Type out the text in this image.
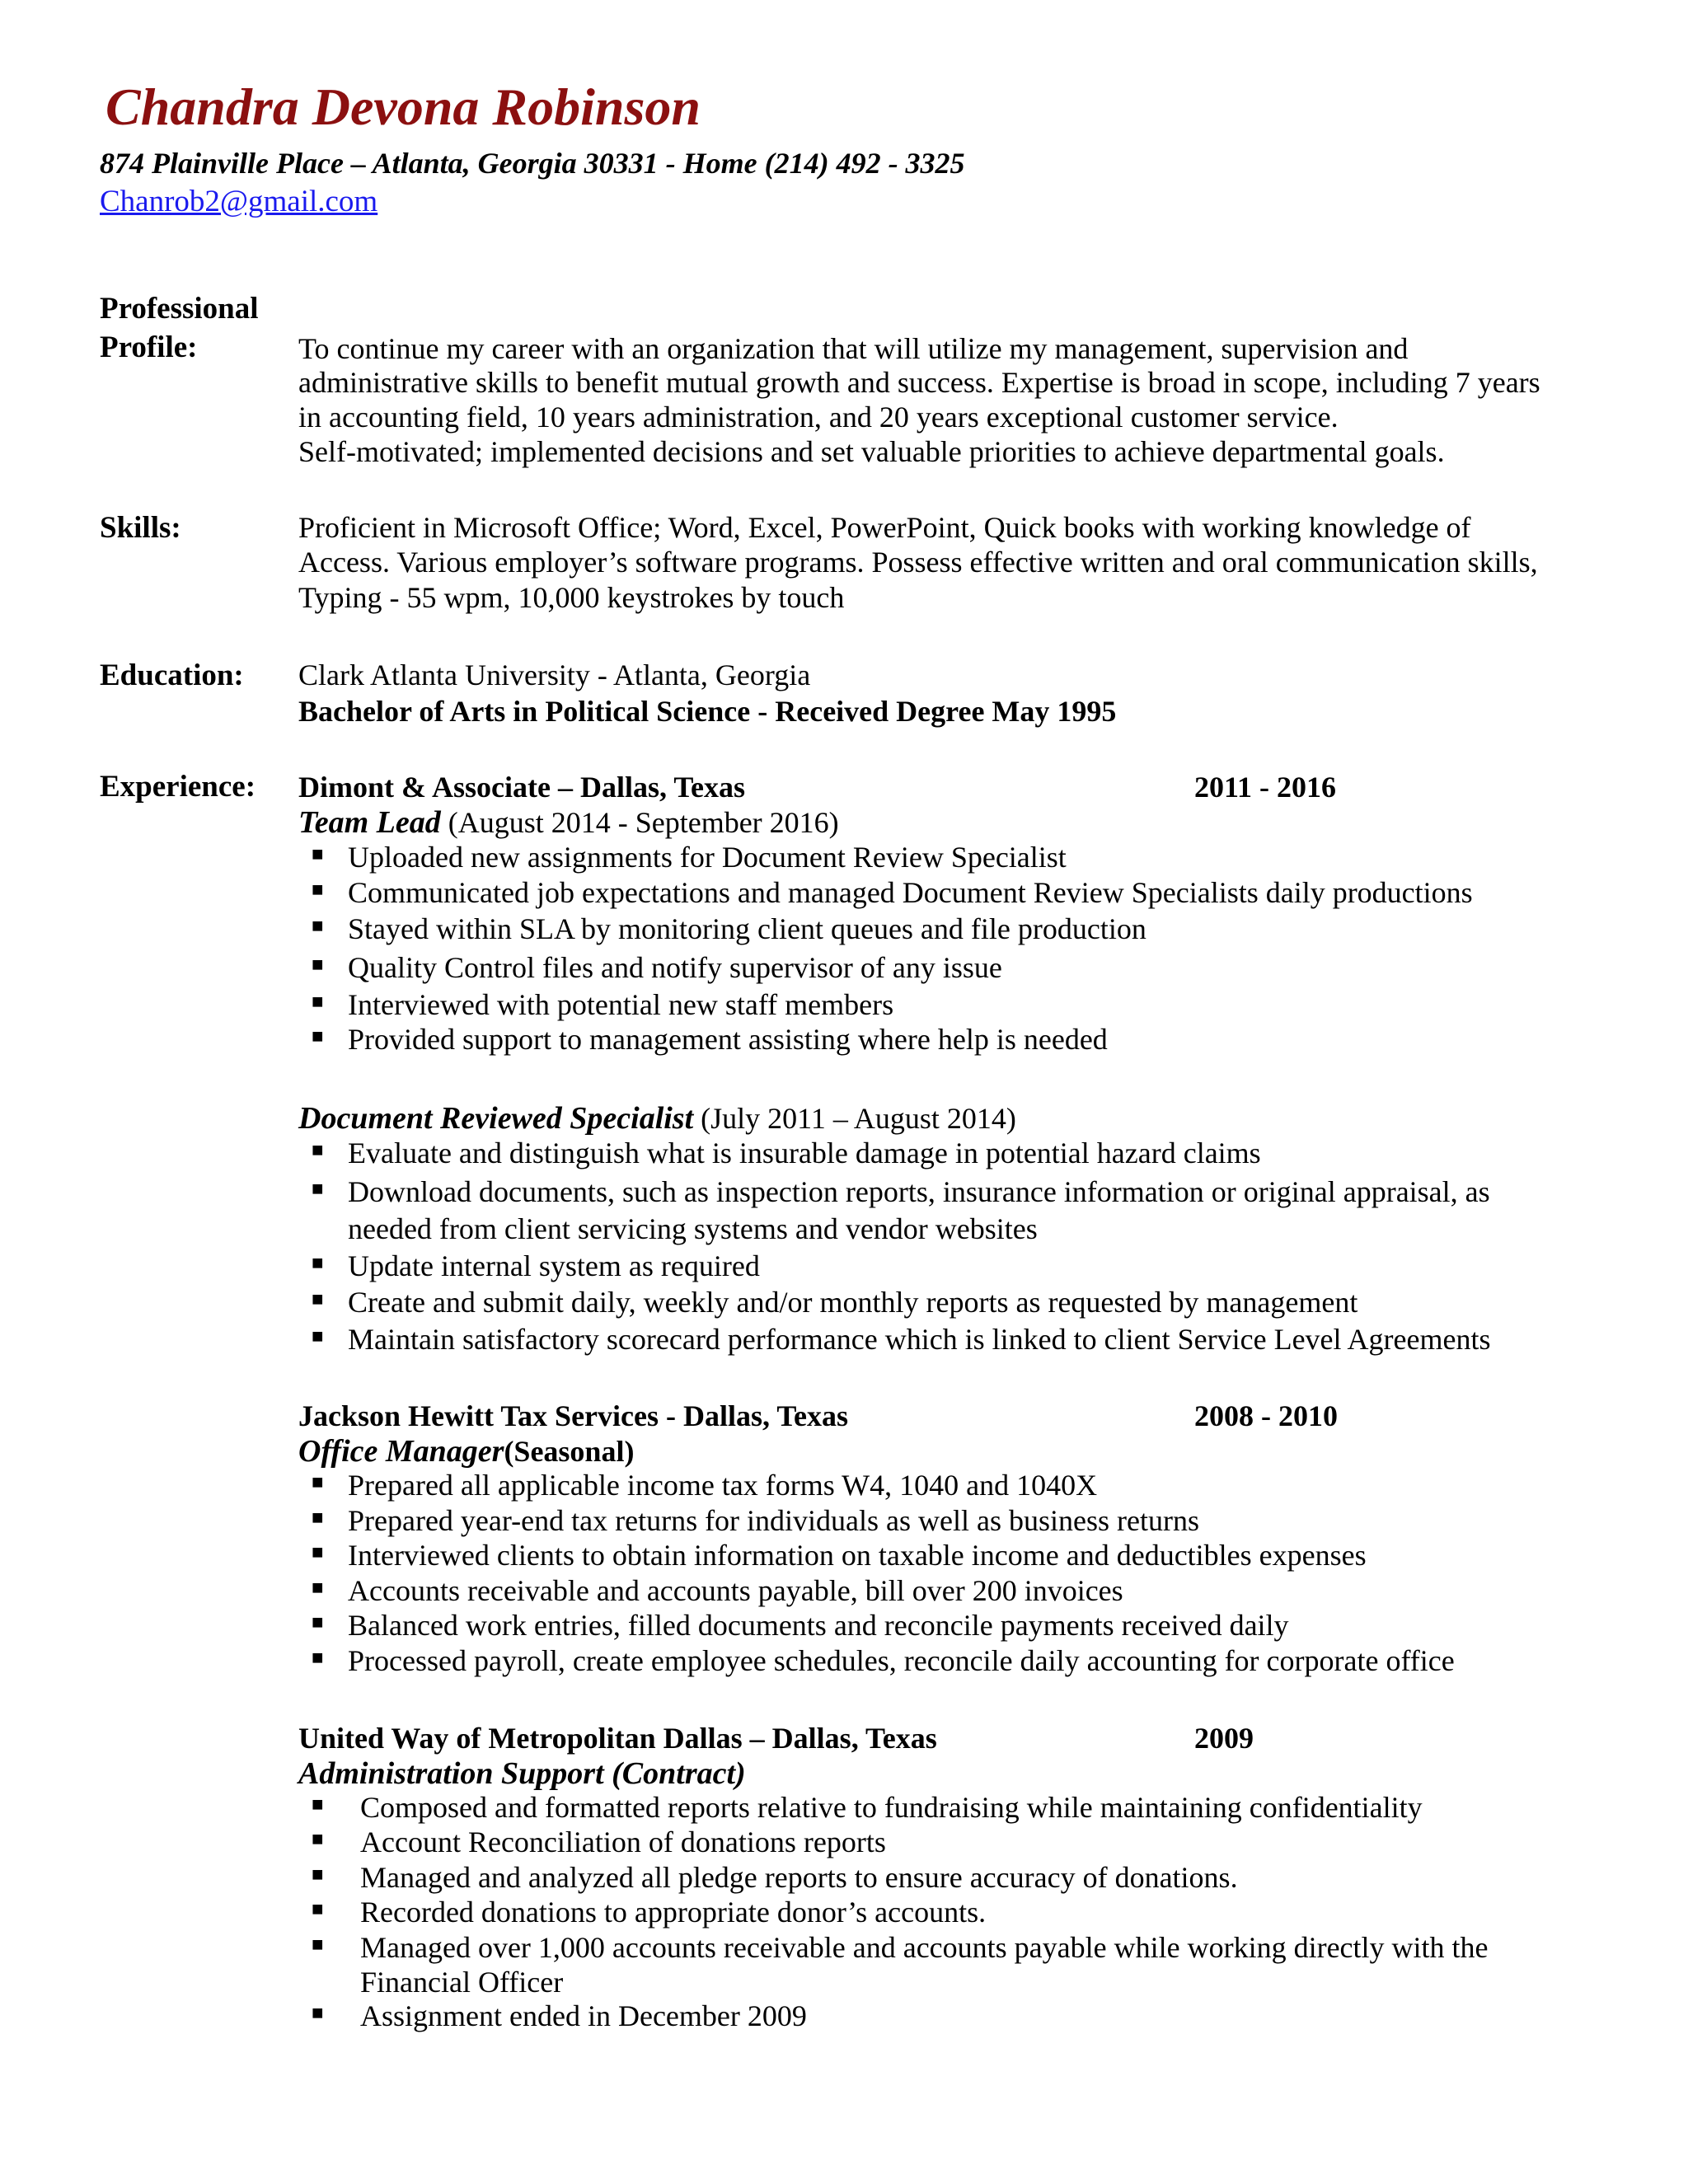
Chandra Devona Robinson
874 Plainville Place – Atlanta, Georgia 30331 - Home (214) 492 - 3325
Chanrob2@gmail.com
Professional
Profile:	To continue my career with an organization that will utilize my management, supervision and
administrative skills to benefit mutual growth and success. Expertise is broad in scope, including 7 years
in accounting field, 10 years administration, and 20 years exceptional customer service.
Self-motivated; implemented decisions and set valuable priorities to achieve departmental goals.
Skills:	Proficient in Microsoft Office; Word, Excel, PowerPoint, Quick books with working knowledge of
Access. Various employer’s software programs. Possess effective written and oral communication skills,
Typing - 55 wpm, 10,000 keystrokes by touch
Education: Clark Atlanta University - Atlanta, Georgia
Bachelor of Arts in Political Science - Received Degree May 1995
Experience: Dimont & Associate – Dallas, Texas	2011 - 2016
Team Lead (August 2014 - September 2016)
■ Uploaded new assignments for Document Review Specialist
■ Communicated job expectations and managed Document Review Specialists daily productions
■ Stayed within SLA by monitoring client queues and file production
■ Quality Control files and notify supervisor of any issue
■ Interviewed with potential new staff members
■ Provided support to management assisting where help is needed
Document Reviewed Specialist (July 2011 – August 2014)
■ Evaluate and distinguish what is insurable damage in potential hazard claims
■ Download documents, such as inspection reports, insurance information or original appraisal, as
needed from client servicing systems and vendor websites
■ Update internal system as required
■ Create and submit daily, weekly and/or monthly reports as requested by management
■ Maintain satisfactory scorecard performance which is linked to client Service Level Agreements
Jackson Hewitt Tax Services - Dallas, Texas	2008 - 2010
Office Manager(Seasonal)
■ Prepared all applicable income tax forms W4, 1040 and 1040X
■ Prepared year-end tax returns for individuals as well as business returns
■ Interviewed clients to obtain information on taxable income and deductibles expenses
■ Accounts receivable and accounts payable, bill over 200 invoices
■ Balanced work entries, filled documents and reconcile payments received daily
■ Processed payroll, create employee schedules, reconcile daily accounting for corporate office
United Way of Metropolitan Dallas – Dallas, Texas	2009
Administration Support (Contract)
■ Composed and formatted reports relative to fundraising while maintaining confidentiality
■ Account Reconciliation of donations reports
■ Managed and analyzed all pledge reports to ensure accuracy of donations.
■ Recorded donations to appropriate donor’s accounts.
■ Managed over 1,000 accounts receivable and accounts payable while working directly with the
Financial Officer
■ Assignment ended in December 2009
